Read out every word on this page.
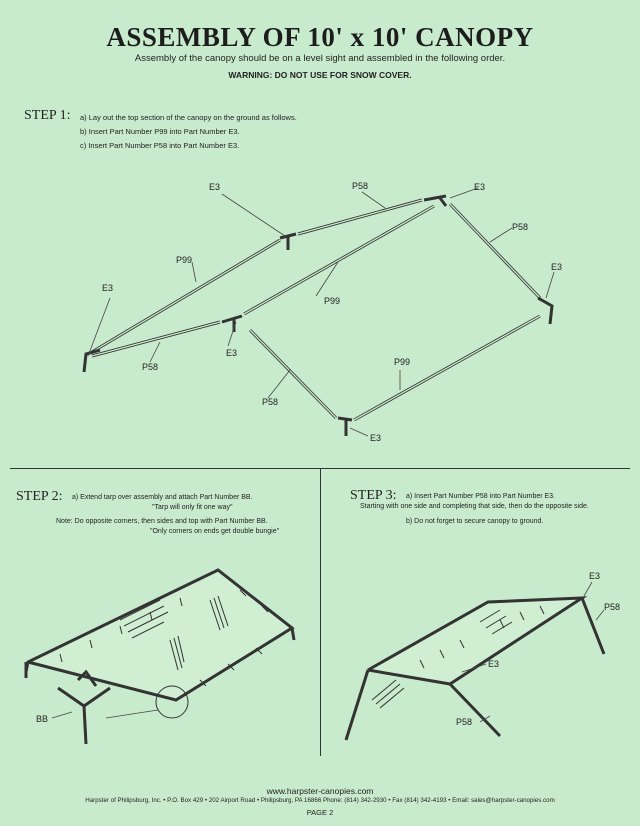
ASSEMBLY OF 10' x 10' CANOPY
Assembly of the canopy should be on a level sight and assembled in the following order.
WARNING: DO NOT USE FOR SNOW COVER.
STEP 1: a) Lay out the top section of the canopy on the ground as follows.
b) Insert Part Number P99 into Part Number E3.
c) Insert Part Number P58 into Part Number E3.
E3	P58	E3
P58
E3
P99
E3
P99
P58
E3
P99
P58
E3
STEP 2: a) Extend tarp over assembly and attach Part Number BB.
"Tarp will only fit one way"
Note: Do opposite corners, then sides and top with Part Number BB.
"Only corners on ends get double bungie"
STEP 3: a) Insert Part Number P58 into Part Number E3.
Starting with one side and completing that side, then do the opposite side.
b) Do not forget to secure canopy to ground.
BB
E3
P58
E3
P58
www.harpster-canopies.com
Harpster of Philipsburg, Inc. • P.O. Box 429 • 202 Airport Road • Philipsburg, PA 16866 Phone: (814) 342-2930 • Fax (814) 342-4193 • Email: sales@harpster-canopies.com
PAGE 2
